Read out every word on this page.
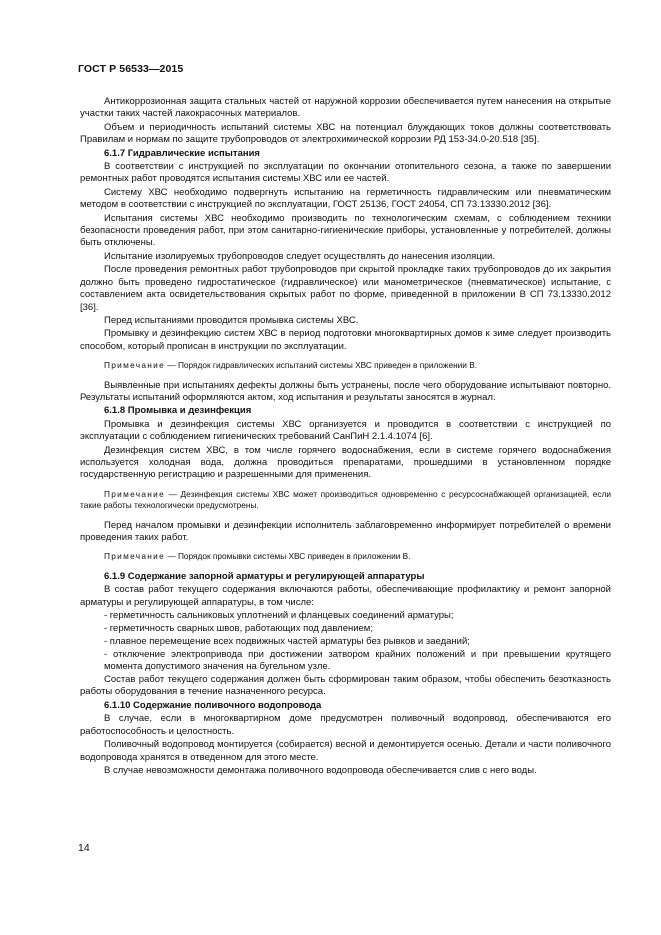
ГОСТ Р 56533—2015

Антикоррозионная защита стальных частей от наружной коррозии обеспечивается путем нанесения на открытые участки таких частей лакокрасочных материалов.

Объем и периодичность испытаний системы ХВС на потенциал блуждающих токов должны соответствовать Правилам и нормам по защите трубопроводов от электрохимической коррозии РД 153-34.0-20.518 [35].

6.1.7 Гидравлические испытания

В соответствии с инструкцией по эксплуатации по окончании отопительного сезона, а также по завершении ремонтных работ проводятся испытания системы ХВС или ее частей.

Систему ХВС необходимо подвергнуть испытанию на герметичность гидравлическим или пневматическим методом в соответствии с инструкцией по эксплуатации, ГОСТ 25136, ГОСТ 24054, СП 73.13330.2012 [36].

Испытания системы ХВС необходимо производить по технологическим схемам, с соблюдением техники безопасности проведения работ, при этом санитарно-гигиенические приборы, установленные у потребителей, должны быть отключены.

Испытание изолируемых трубопроводов следует осуществлять до нанесения изоляции.

После проведения ремонтных работ трубопроводов при скрытой прокладке таких трубопроводов до их закрытия должно быть проведено гидростатическое (гидравлическое) или манометрическое (пневматическое) испытание, с составлением акта освидетельствования скрытых работ по форме, приведенной в приложении В СП 73.13330.2012 [36].

Перед испытаниями проводится промывка системы ХВС.

Промывку и дезинфекцию систем ХВС в период подготовки многоквартирных домов к зиме следует производить способом, который прописан в инструкции по эксплуатации.

Примечание — Порядок гидравлических испытаний системы ХВС приведен в приложении В.

Выявленные при испытаниях дефекты должны быть устранены, после чего оборудование испытывают повторно. Результаты испытаний оформляются актом, ход испытания и результаты заносятся в журнал.

6.1.8 Промывка и дезинфекция

Промывка и дезинфекция системы ХВС организуется и проводится в соответствии с инструкцией по эксплуатации с соблюдением гигиенических требований СанПиН 2.1.4.1074 [6].

Дезинфекция систем ХВС, в том числе горячего водоснабжения, если в системе горячего водоснабжения используется холодная вода, должна проводиться препаратами, прошедшими в установленном порядке государственную регистрацию и разрешенными для применения.

Примечание — Дезинфекция системы ХВС может производиться одновременно с ресурсоснабжающей организацией, если такие работы технологически предусмотрены.

Перед началом промывки и дезинфекции исполнитель заблаговременно информирует потребителей о времени проведения таких работ.

Примечание — Порядок промывки системы ХВС приведен в приложении В.

6.1.9 Содержание запорной арматуры и регулирующей аппаратуры

В состав работ текущего содержания включаются работы, обеспечивающие профилактику и ремонт запорной арматуры и регулирующей аппаратуры, в том числе:

- герметичность сальниковых уплотнений и фланцевых соединений арматуры;
- герметичность сварных швов, работающих под давлением;
- плавное перемещение всех подвижных частей арматуры без рывков и заеданий;
- отключение электропривода при достижении затвором крайних положений и при превышении крутящего момента допустимого значения на бугельном узле.

Состав работ текущего содержания должен быть сформирован таким образом, чтобы обеспечить безотказность работы оборудования в течение назначенного ресурса.

6.1.10 Содержание поливочного водопровода

В случае, если в многоквартирном доме предусмотрен поливочный водопровод, обеспечиваются его работоспособность и целостность.

Поливочный водопровод монтируется (собирается) весной и демонтируется осенью. Детали и части поливочного водопровода хранятся в отведенном для этого месте.

В случае невозможности демонтажа поливочного водопровода обеспечивается слив с него воды.

14
